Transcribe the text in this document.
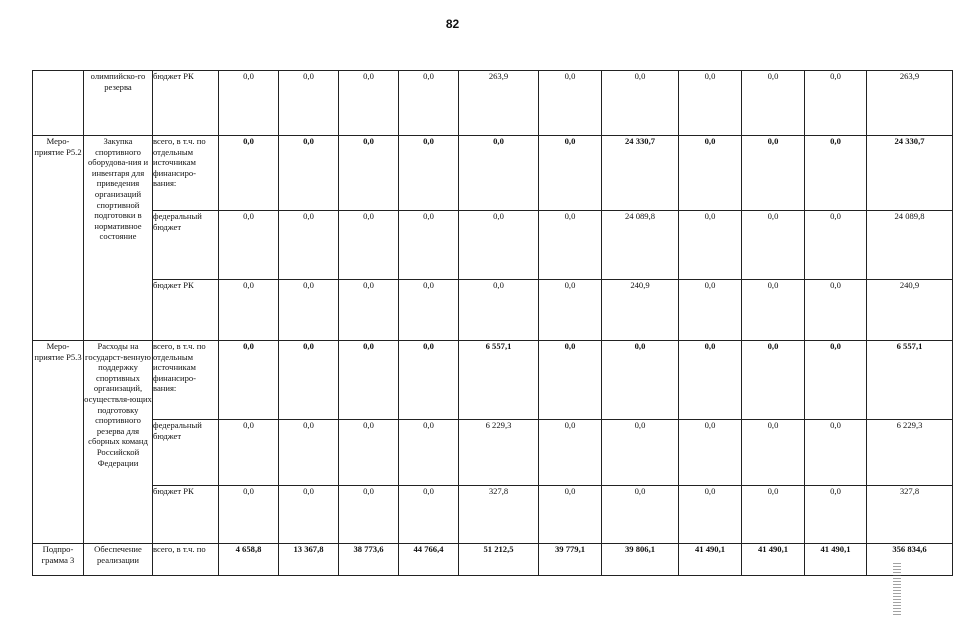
82
	олимпийско-го резерва	бюджет РК	0,0	0,0	0,0	0,0	263,9	0,0	0,0	0,0	0,0	0,0	263,9
Меро-приятие Р5.2	Закупка спортивного оборудова-ния и инвентаря для приведения организаций спортивной подготовки в нормативное состояние	всего, в т.ч. по отдельным источникам финансиро-вания:	0,0	0,0	0,0	0,0	0,0	0,0	24 330,7	0,0	0,0	0,0	24 330,7
		федеральный бюджет	0,0	0,0	0,0	0,0	0,0	0,0	24 089,8	0,0	0,0	0,0	24 089,8
		бюджет РК	0,0	0,0	0,0	0,0	0,0	0,0	240,9	0,0	0,0	0,0	240,9
Меро-приятие Р5.3	Расходы на государст-венную поддержку спортивных организаций, осуществля-ющих подготовку спортивного резерва для сборных команд Российской Федерации	всего, в т.ч. по отдельным источникам финансиро-вания:	0,0	0,0	0,0	0,0	6 557,1	0,0	0,0	0,0	0,0	0,0	6 557,1
		федеральный бюджет	0,0	0,0	0,0	0,0	6 229,3	0,0	0,0	0,0	0,0	0,0	6 229,3
		бюджет РК	0,0	0,0	0,0	0,0	327,8	0,0	0,0	0,0	0,0	0,0	327,8
Подпро-грамма 3	Обеспечение реализации	всего, в т.ч. по	4 658,8	13 367,8	38 773,6	44 766,4	51 212,5	39 779,1	39 806,1	41 490,1	41 490,1	41 490,1	356 834,6
